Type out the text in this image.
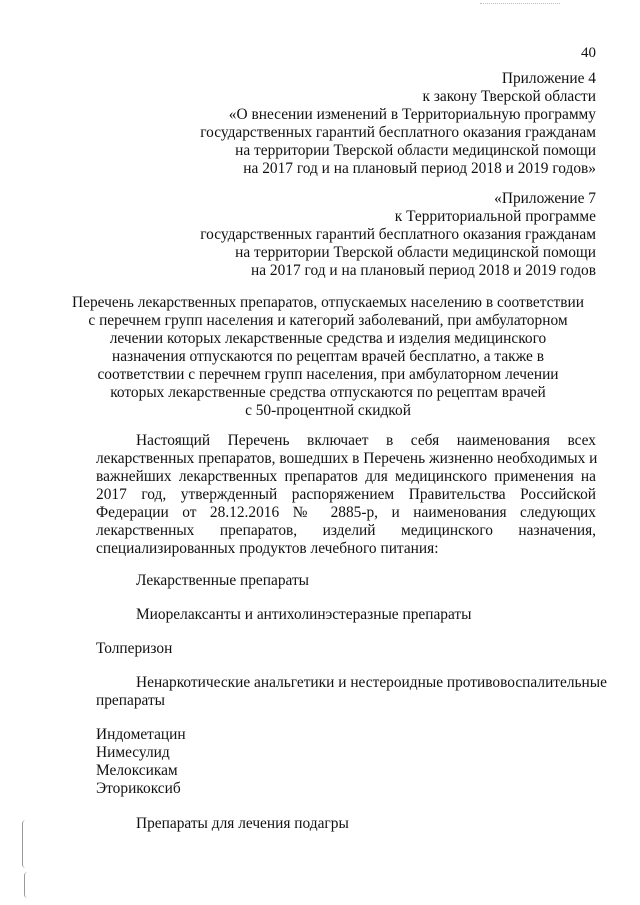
40
Приложение 4
к закону Тверской области
«О внесении изменений в Территориальную программу
государственных гарантий бесплатного оказания гражданам
на территории Тверской области медицинской помощи
на 2017 год и на плановый период 2018 и 2019 годов»
«Приложение 7
к Территориальной программе
государственных гарантий бесплатного оказания гражданам
на территории Тверской области медицинской помощи
на 2017 год и на плановый период 2018 и 2019 годов
Перечень лекарственных препаратов, отпускаемых населению в соответствии
с перечнем групп населения и категорий заболеваний, при амбулаторном
лечении которых лекарственные средства и изделия медицинского
назначения отпускаются по рецептам врачей бесплатно, а также в
соответствии с перечнем групп населения, при амбулаторном лечении
которых лекарственные средства отпускаются по рецептам врачей
с 50-процентной скидкой
Настоящий Перечень включает в себя наименования всех
лекарственных препаратов, вошедших в Перечень жизненно необходимых и
важнейших лекарственных препаратов для медицинского применения на
2017 год, утвержденный распоряжением Правительства Российской
Федерации от 28.12.2016 № 2885-р, и наименования следующих
лекарственных препаратов, изделий медицинского назначения,
специализированных продуктов лечебного питания:
Лекарственные препараты
Миорелаксанты и антихолинэстеразные препараты
Толперизон
Ненаркотические анальгетики и нестероидные противовоспалительные
препараты
Индометацин
Нимесулид
Мелоксикам
Эторикоксиб
Препараты для лечения подагры
